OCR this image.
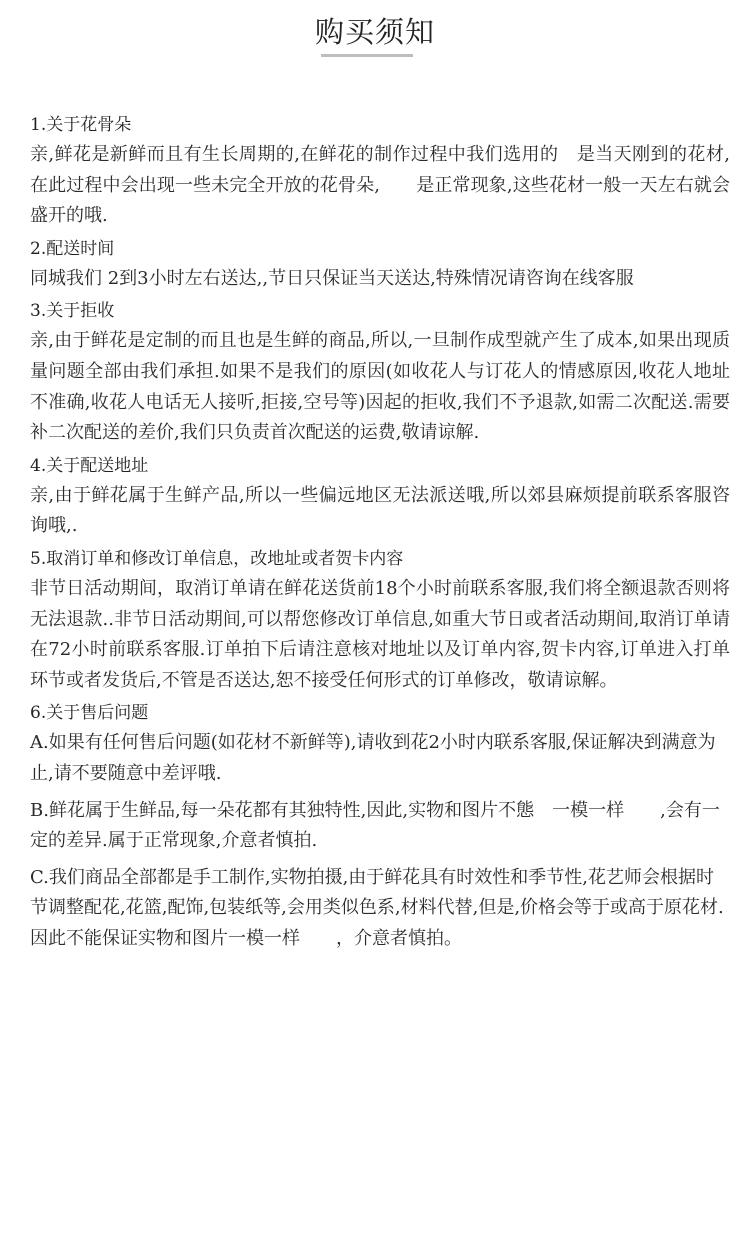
购买须知
1.关于花骨朵
亲,鲜花是新鲜而且有生长周期的,在鲜花的制作过程中我们选用的　是当天刚到的花材,在此过程中会出现一些未完全开放的花骨朵,　　是正常现象,这些花材一般一天左右就会盛开的哦.
2.配送时间
同城我们 2到3小时左右送达,,节日只保证当天送达,特殊情况请咨询在线客服
3.关于拒收
亲,由于鲜花是定制的而且也是生鲜的商品,所以,一旦制作成型就产生了成本,如果出现质量问题全部由我们承担.如果不是我们的原因(如收花人与订花人的情感原因,收花人地址不准确,收花人电话无人接听,拒接,空号等)因起的拒收,我们不予退款,如需二次配送.需要补二次配送的差价,我们只负责首次配送的运费,敬请谅解.
4.关于配送地址
亲,由于鲜花属于生鲜产品,所以一些偏远地区无法派送哦,所以郊县麻烦提前联系客服咨询哦,.
5.取消订单和修改订单信息，改地址或者贺卡内容
非节日活动期间，取消订单请在鲜花送货前18个小时前联系客服,我们将全额退款否则将无法退款..非节日活动期间,可以帮您修改订单信息,如重大节日或者活动期间,取消订单请在72小时前联系客服.订单拍下后请注意核对地址以及订单内容,贺卡内容,订单进入打单环节或者发货后,不管是否送达,恕不接受任何形式的订单修改，敬请谅解。
6.关于售后问题
A.如果有任何售后问题(如花材不新鲜等),请收到花2小时内联系客服,保证解决到满意为止,请不要随意中差评哦.
B.鲜花属于生鲜品,每一朵花都有其独特性,因此,实物和图片不態　一模一样　　,会有一定的差异.属于正常现象,介意者慎拍.
C.我们商品全部都是手工制作,实物拍摄,由于鲜花具有时效性和季节性,花艺师会根据时节调整配花,花篮,配饰,包装纸等,会用类似色系,材料代替,但是,价格会等于或高于原花材.因此不能保证实物和图片一模一样　　，介意者慎拍。
